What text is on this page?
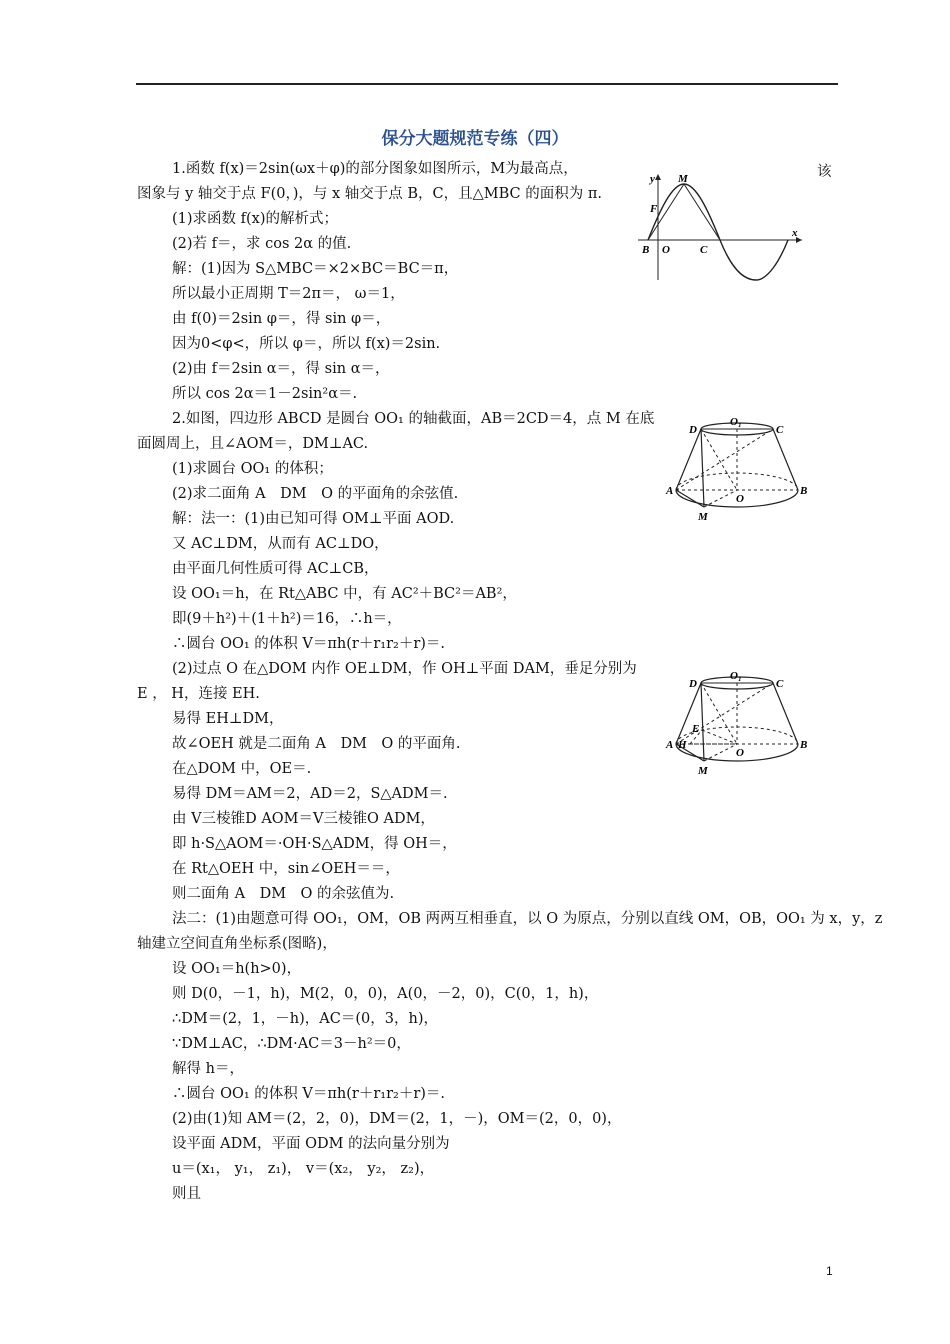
保分大题规范专练（四）
1.函数 f(x)＝2sin(ωx＋φ)的部分图象如图所示，M为最高点，
图象与 y 轴交于点 F(0，)，与 x 轴交于点 B，C，且△MBC 的面积为 π.
(1)求函数 f(x)的解析式；
(2)若 f＝，求 cos 2α 的值.
解：(1)因为 S△MBC＝×2×BC＝BC＝π，
所以最小正周期 T＝2π＝， ω＝1，
由 f(0)＝2sin φ＝，得 sin φ＝，
因为0<φ<，所以 φ＝，所以 f(x)＝2sin.
(2)由 f＝2sin α＝，得 sin α＝，
所以 cos 2α＝1－2sin²α＝.
2.如图，四边形 ABCD 是圆台 OO₁ 的轴截面，AB＝2CD＝4，点 M 在底
面圆周上，且∠AOM＝，DM⊥AC.
(1)求圆台 OO₁ 的体积；
(2)求二面角 A　DM　O 的平面角的余弦值.
解：法一：(1)由已知可得 OM⊥平面 AOD.
又 AC⊥DM，从而有 AC⊥DO，
由平面几何性质可得 AC⊥CB，
设 OO₁＝h，在 Rt△ABC 中，有 AC²＋BC²＝AB²，
即(9＋h²)＋(1＋h²)＝16，∴h＝，
∴圆台 OO₁ 的体积 V＝πh(r＋r₁r₂＋r)＝.
(2)过点 O 在△DOM 内作 OE⊥DM，作 OH⊥平面 DAM，垂足分别为
E ， H，连接 EH.
易得 EH⊥DM，
故∠OEH 就是二面角 A　DM　O 的平面角.
在△DOM 中，OE＝.
易得 DM＝AM＝2，AD＝2，S△ADM＝.
由 V三棱锥D AOM＝V三棱锥O ADM，
即 h·S△AOM＝·OH·S△ADM，得 OH＝，
在 Rt△OEH 中，sin∠OEH＝＝，
则二面角 A　DM　O 的余弦值为.
法二：(1)由题意可得 OO₁，OM，OB 两两互相垂直，以 O 为原点，分别以直线 OM，OB，OO₁ 为 x，y，z
轴建立空间直角坐标系(图略)，
设 OO₁＝h(h>0)，
则 D(0，－1，h)，M(2，0，0)，A(0，－2，0)，C(0，1，h)，
∴DM＝(2，1，－h)，AC＝(0，3，h)，
∵DM⊥AC，∴DM·AC＝3－h²＝0，
解得 h＝，
∴圆台 OO₁ 的体积 V＝πh(r＋r₁r₂＋r)＝.
(2)由(1)知 AM＝(2，2，0)，DM＝(2，1，－)，OM＝(2，0，0)，
设平面 ADM，平面 ODM 的法向量分别为
u＝(x₁， y₁， z₁)， v＝(x₂， y₂， z₂)，
则且
该
y
x
M
F
B O	C
D
O₁
C
A
O
B
M
D
O₁
C
E
A H
O
B
M
1
